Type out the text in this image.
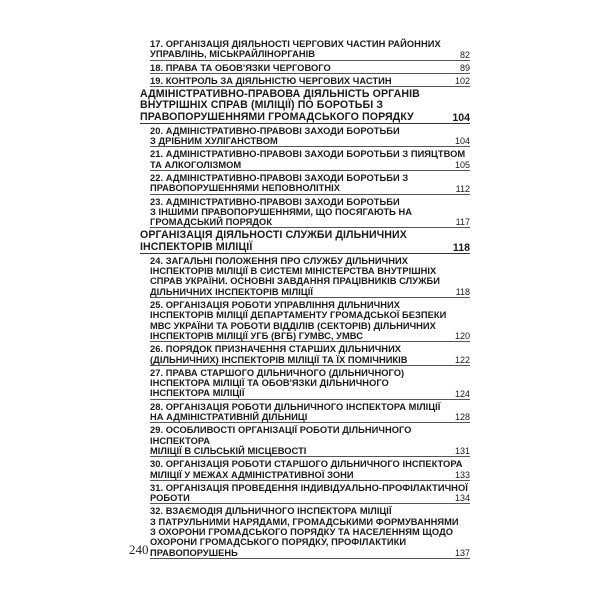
17. ОРГАНІЗАЦІЯ ДІЯЛЬНОСТІ ЧЕРГОВИХ ЧАСТИН РАЙОННИХ
УПРАВЛІНЬ, МІСЬКРАЙЛІНОРГАНІВ	82
18. ПРАВА ТА ОБОВ'ЯЗКИ ЧЕРГОВОГО	89
19. КОНТРОЛЬ ЗА ДІЯЛЬНІСТЮ ЧЕРГОВИХ ЧАСТИН	102
АДМІНІСТРАТИВНО-ПРАВОВА ДІЯЛЬНІСТЬ ОРГАНІВ
ВНУТРІШНІХ СПРАВ (МІЛІЦІЇ) ПО БОРОТЬБІ З
ПРАВОПОРУШЕННЯМИ ГРОМАДСЬКОГО ПОРЯДКУ	104
20. АДМІНІСТРАТИВНО-ПРАВОВІ ЗАХОДИ БОРОТЬБИ
З ДРІБНИМ ХУЛІГАНСТВОМ	104
21. АДМІНІСТРАТИВНО-ПРАВОВІ ЗАХОДИ БОРОТЬБИ З ПИЯЦТВОМ
ТА АЛКОГОЛІЗМОМ	105
22. АДМІНІСТРАТИВНО-ПРАВОВІ ЗАХОДИ БОРОТЬБИ З
ПРАВОПОРУШЕННЯМИ НЕПОВНОЛІТНІХ	112
23. АДМІНІСТРАТИВНО-ПРАВОВІ ЗАХОДИ БОРОТЬБИ
З ІНШИМИ ПРАВОПОРУШЕННЯМИ, ЩО ПОСЯГАЮТЬ НА
ГРОМАДСЬКИЙ ПОРЯДОК	117
ОРГАНІЗАЦІЯ ДІЯЛЬНОСТІ СЛУЖБИ ДІЛЬНИЧНИХ
ІНСПЕКТОРІВ МІЛІЦІЇ	118
24. ЗАГАЛЬНІ ПОЛОЖЕННЯ ПРО СЛУЖБУ ДІЛЬНИЧНИХ
ІНСПЕКТОРІВ МІЛІЦІЇ В СИСТЕМІ МІНІСТЕРСТВА ВНУТРІШНІХ
СПРАВ УКРАЇНИ. ОСНОВНІ ЗАВДАННЯ ПРАЦІВНИКІВ СЛУЖБИ
ДІЛЬНИЧНИХ ІНСПЕКТОРІВ МІЛІЦІЇ	118
25. ОРГАНІЗАЦІЯ РОБОТИ УПРАВЛІННЯ ДІЛЬНИЧНИХ
ІНСПЕКТОРІВ МІЛІЦІЇ ДЕПАРТАМЕНТУ ГРОМАДСЬКОЇ БЕЗПЕКИ
МВС УКРАЇНИ ТА РОБОТИ ВІДДІЛІВ (СЕКТОРІВ) ДІЛЬНИЧНИХ
ІНСПЕКТОРІВ МІЛІЦІЇ УГБ (ВГБ) ГУМВС, УМВС	120
26. ПОРЯДОК ПРИЗНАЧЕННЯ СТАРШИХ ДІЛЬНИЧНИХ
(ДІЛЬНИЧНИХ) ІНСПЕКТОРІВ МІЛІЦІЇ ТА ЇХ ПОМІЧНИКІВ	122
27. ПРАВА СТАРШОГО ДІЛЬНИЧНОГО (ДІЛЬНИЧНОГО)
ІНСПЕКТОРА МІЛІЦІЇ ТА ОБОВ'ЯЗКИ ДІЛЬНИЧНОГО
ІНСПЕКТОРА МІЛІЦІЇ	124
28. ОРГАНІЗАЦІЯ РОБОТИ ДІЛЬНИЧНОГО ІНСПЕКТОРА МІЛІЦІЇ
НА АДМІНІСТРАТИВНІЙ ДІЛЬНИЦІ	128
29. ОСОБЛИВОСТІ ОРГАНІЗАЦІЇ РОБОТИ ДІЛЬНИЧНОГО ІНСПЕКТОРА
МІЛІЦІЇ В СІЛЬСЬКІЙ МІСЦЕВОСТІ	131
30. ОРГАНІЗАЦІЯ РОБОТИ СТАРШОГО ДІЛЬНИЧНОГО ІНСПЕКТОРА
МІЛІЦІЇ У МЕЖАХ АДМІНІСТРАТИВНОЇ ЗОНИ	133
31. ОРГАНІЗАЦІЯ ПРОВЕДЕННЯ ІНДИВІДУАЛЬНО-ПРОФІЛАКТИЧНОЇ
РОБОТИ	134
32. ВЗАЄМОДІЯ ДІЛЬНИЧНОГО ІНСПЕКТОРА МІЛІЦІЇ
З ПАТРУЛЬНИМИ НАРЯДАМИ, ГРОМАДСЬКИМИ ФОРМУВАННЯМИ
З ОХОРОНИ ГРОМАДСЬКОГО ПОРЯДКУ ТА НАСЕЛЕННЯМ ЩОДО
ОХОРОНИ ГРОМАДСЬКОГО ПОРЯДКУ, ПРОФІЛАКТИКИ
ПРАВОПОРУШЕНЬ	137
240
